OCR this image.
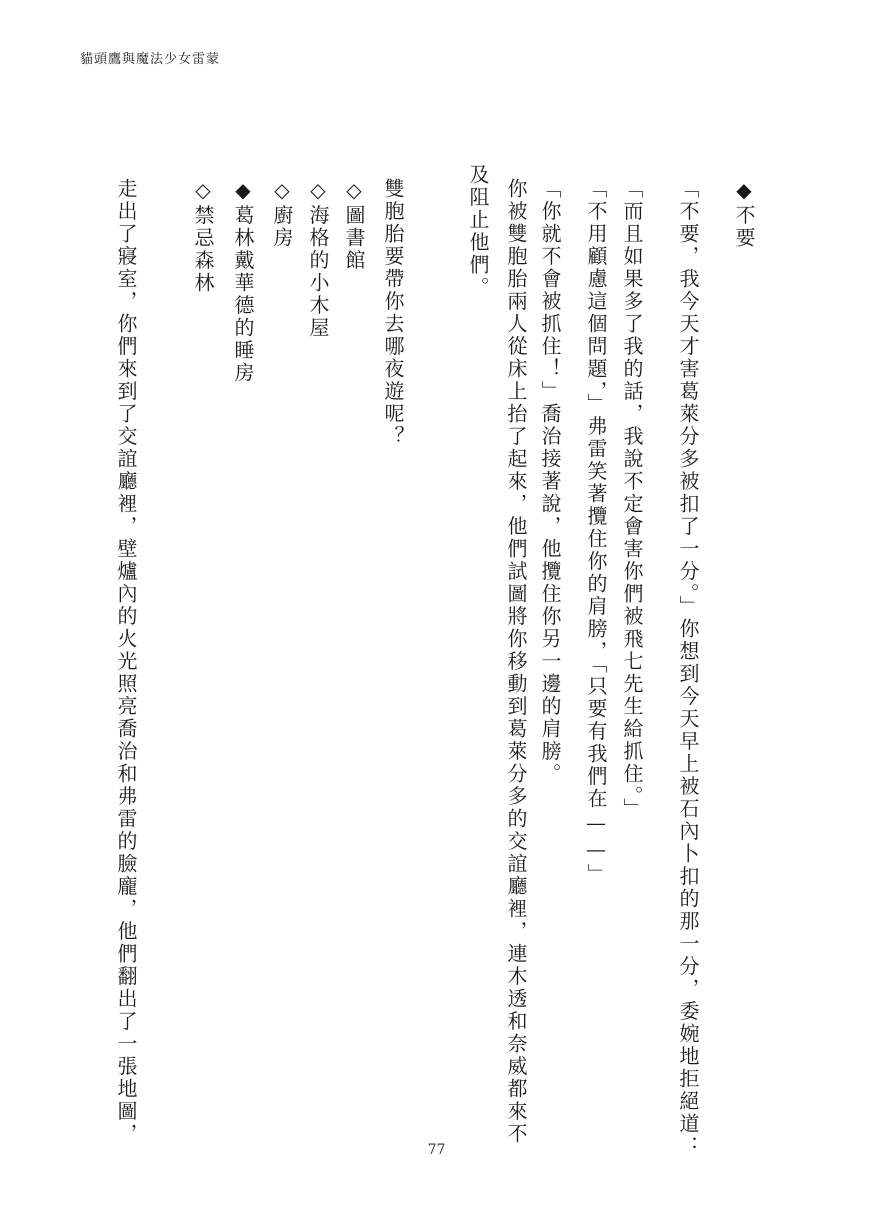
貓頭鷹與魔法少女雷蒙
◆不要
「不要，我今天才害葛萊分多被扣了一分。」你想到今天早上被石內卜扣的那一分，委婉地拒絕道：
「而且如果多了我的話，我說不定會害你們被飛七先生給抓住。」
「不用顧慮這個問題，」弗雷笑著攬住你的肩膀，「只要有我們在——」
「你就不會被抓住！」喬治接著說，他攬住你另一邊的肩膀。
你被雙胞胎兩人從床上抬了起來，他們試圖將你移動到葛萊分多的交誼廳裡，連木透和奈威都來不
及阻止他們。
雙胞胎要帶你去哪夜遊呢？
◇圖書館
◇海格的小木屋
◇廚房
◆葛林戴華德的睡房
◇禁忌森林
走出了寢室，你們來到了交誼廳裡，壁爐內的火光照亮喬治和弗雷的臉龐，他們翻出了一張地圖，
77
